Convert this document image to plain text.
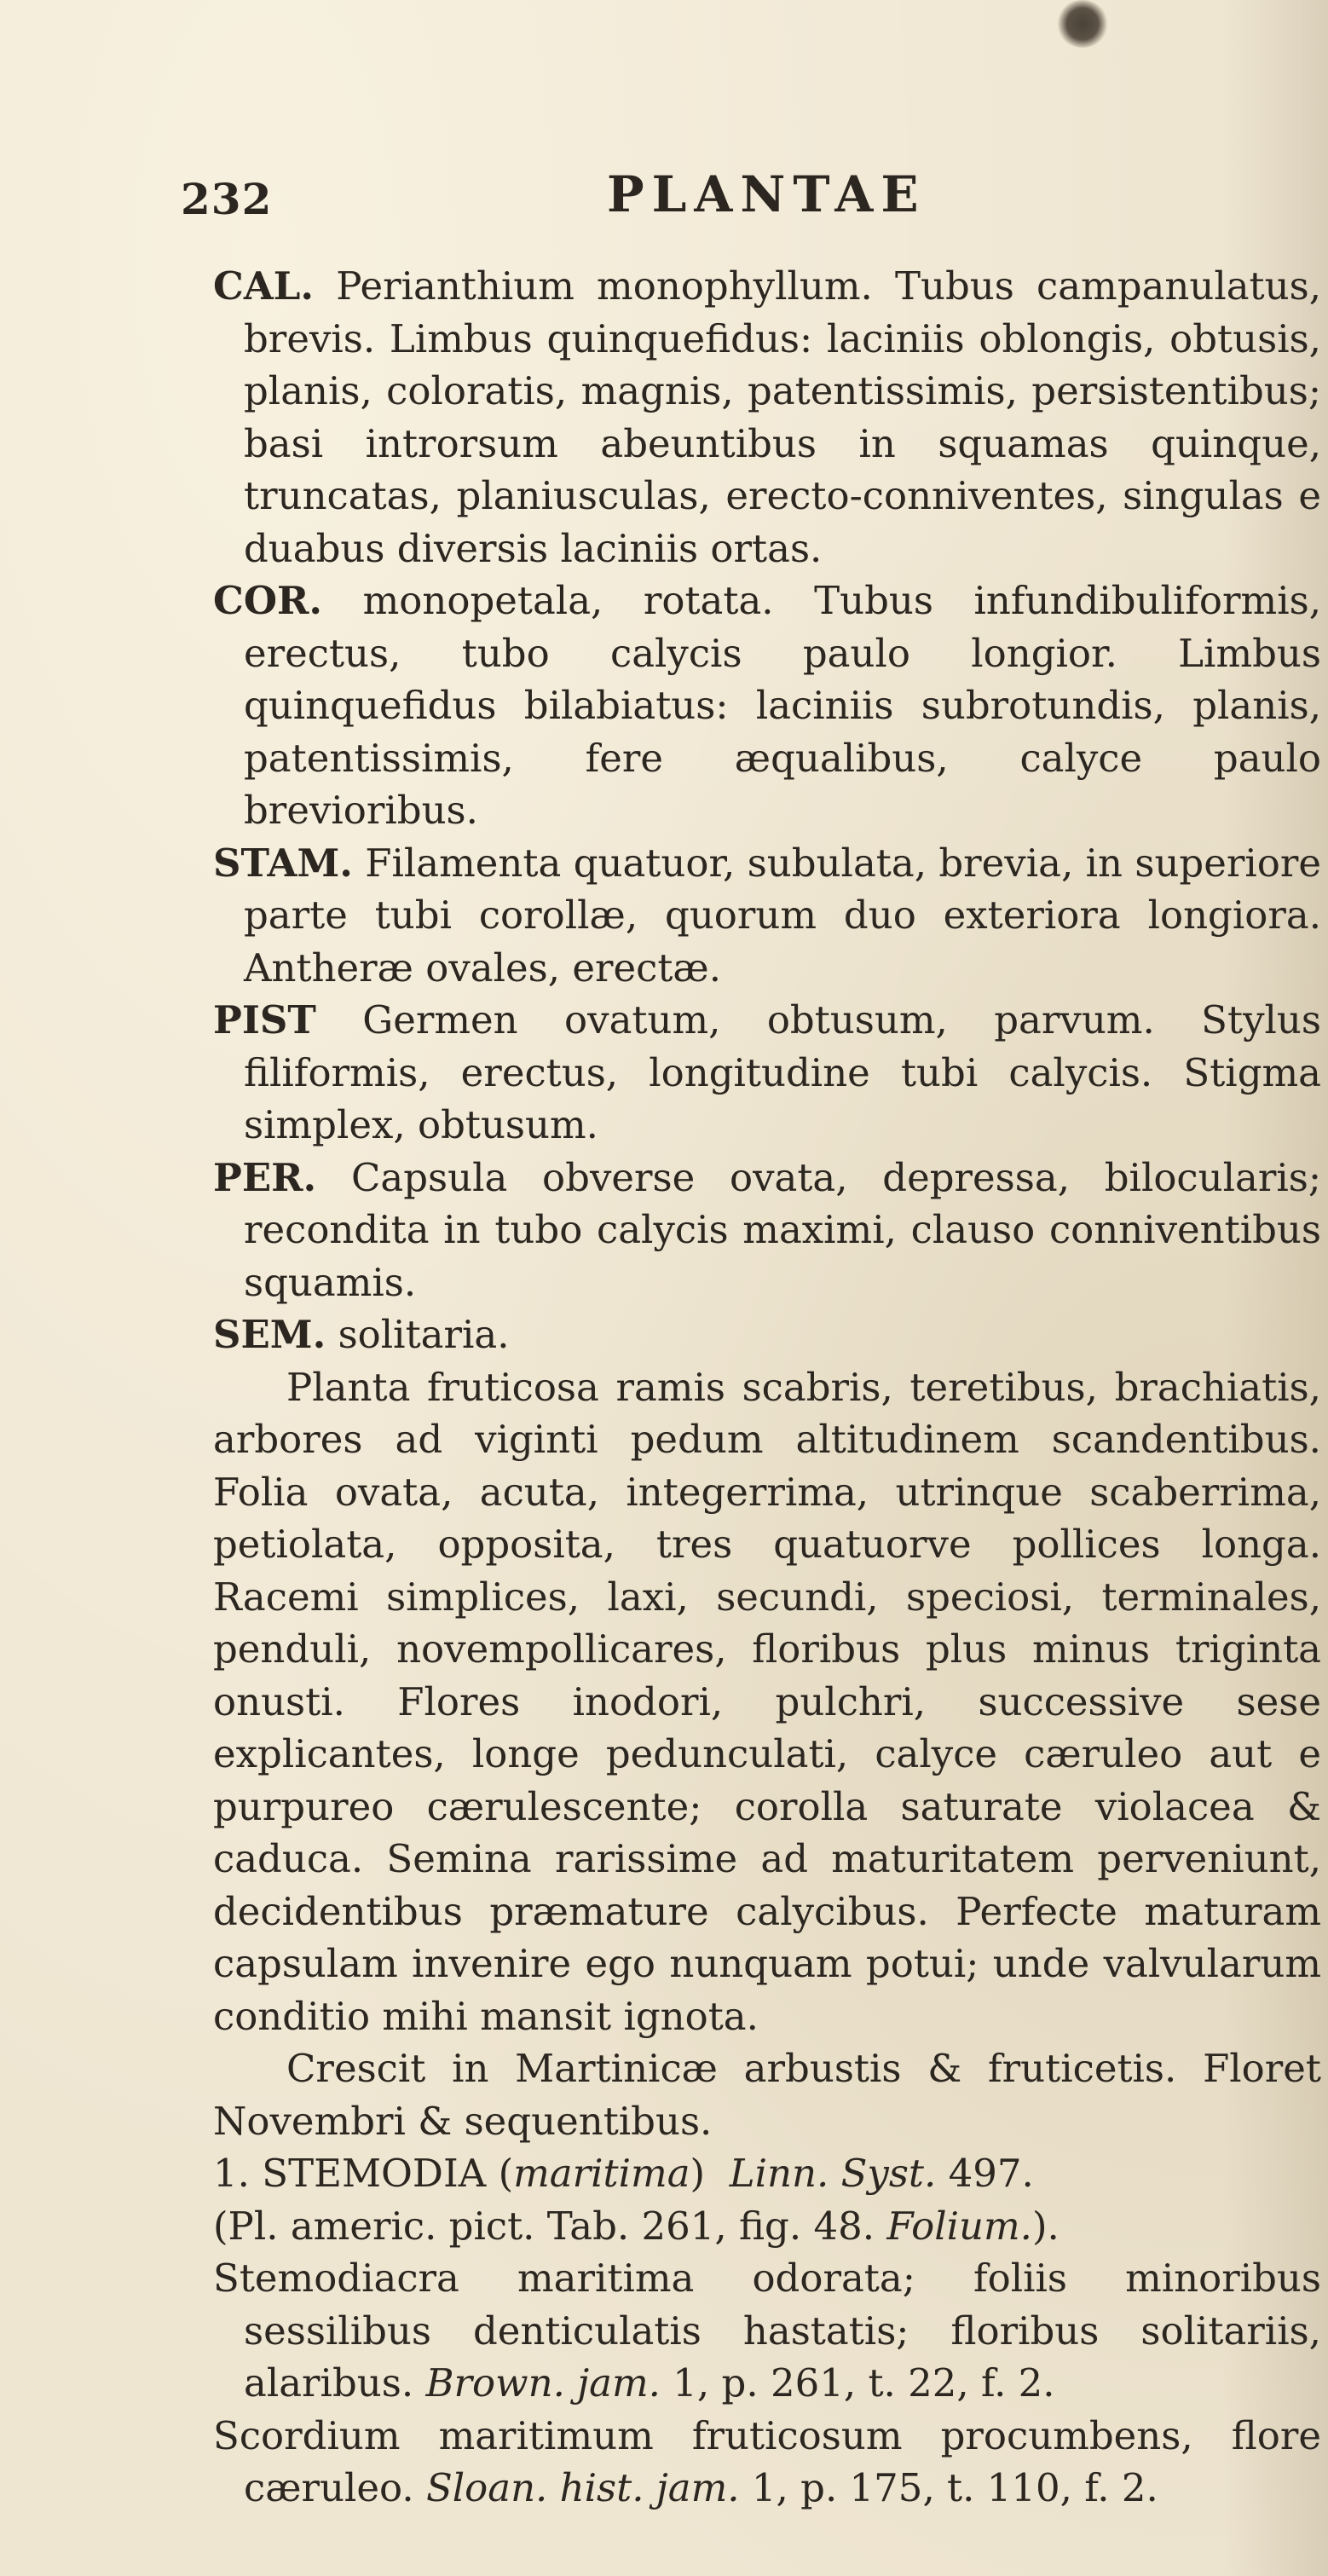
232	PLANTAE

CAL. Perianthium monophyllum. Tubus campanulatus, brevis. Limbus quinquefidus: laciniis oblongis, obtusis, planis, coloratis, magnis, patentissimis, persistentibus; basi introrsum abeuntibus in squamas quinque, truncatas, planiusculas, erecto-conniventes, singulas e duabus diversis laciniis ortas.

COR. monopetala, rotata. Tubus infundibuliformis, erectus, tubo calycis paulo longior. Limbus quinquefidus bilabiatus: laciniis subrotundis, planis, patentissimis, fere æqualibus, calyce paulo brevioribus.

STAM. Filamenta quatuor, subulata, brevia, in superiore parte tubi corollæ, quorum duo exteriora longiora. Antheræ ovales, erectæ.

PIST Germen ovatum, obtusum, parvum. Stylus filiformis, erectus, longitudine tubi calycis. Stigma simplex, obtusum.

PER. Capsula obverse ovata, depressa, bilocularis; recondita in tubo calycis maximi, clauso conniventibus squamis.

SEM. solitaria.

Planta fruticosa ramis scabris, teretibus, brachiatis, arbores ad viginti pedum altitudinem scandentibus. Folia ovata, acuta, integerrima, utrinque scaberrima, petiolata, opposita, tres quatuorve pollices longa. Racemi simplices, laxi, secundi, speciosi, terminales, penduli, novempollicares, floribus plus minus triginta onusti. Flores inodori, pulchri, successive sese explicantes, longe pedunculati, calyce cæruleo aut e purpureo cærulescente; corolla saturate violacea & caduca. Semina rarissime ad maturitatem perveniunt, decidentibus præmature calycibus. Perfecte maturam capsulam invenire ego nunquam potui; unde valvularum conditio mihi mansit ignota.

Crescit in Martinicæ arbustis & fruticetis. Floret Novembri & sequentibus.

1. STEMODIA (maritima)  Linn. Syst. 497.

(Pl. americ. pict. Tab. 261, fig. 48. Folium.).

Stemodiacra maritima odorata; foliis minoribus sessilibus denticulatis hastatis; floribus solitariis, alaribus. Brown. jam. 1, p. 261, t. 22, f. 2.

Scordium maritimum fruticosum procumbens, flore cæruleo. Sloan. hist. jam. 1, p. 175, t. 110, f. 2.
